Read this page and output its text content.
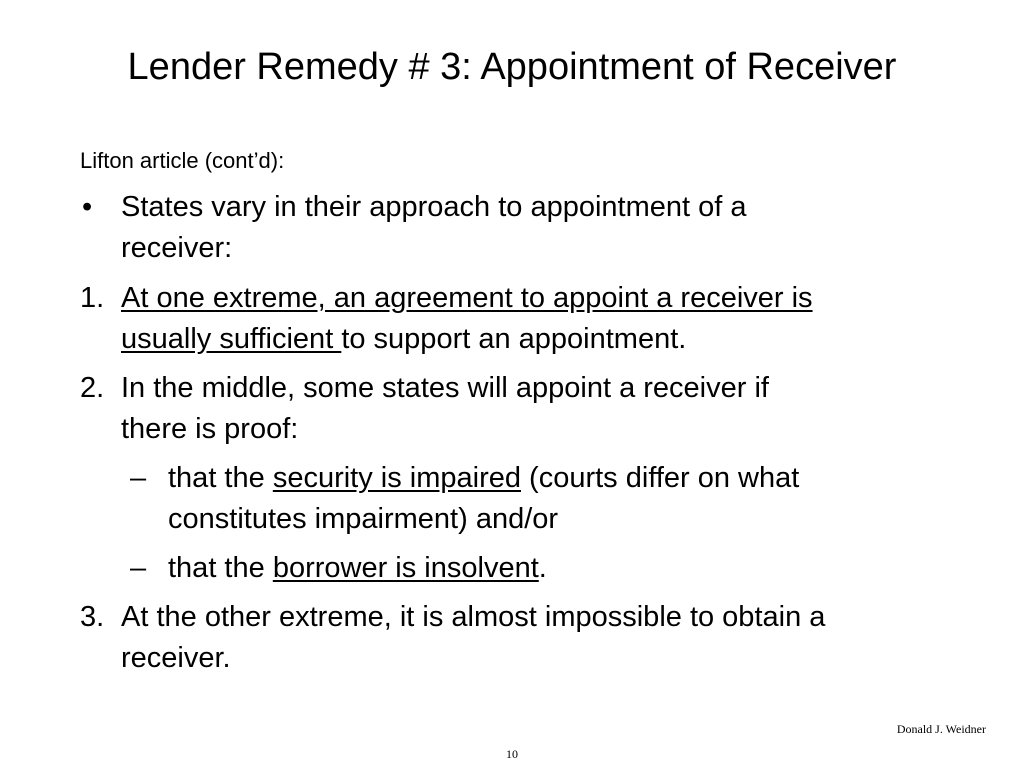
Lender Remedy # 3: Appointment of Receiver
Lifton article (cont’d):
• States vary in their approach to appointment of a
receiver:
1. At one extreme, an agreement to appoint a receiver is
usually sufficient to support an appointment.
2. In the middle, some states will appoint a receiver if
there is proof:
– that the security is impaired (courts differ on what
constitutes impairment) and/or
– that the borrower is insolvent.
3. At the other extreme, it is almost impossible to obtain a
receiver.
Donald J. Weidner
10
